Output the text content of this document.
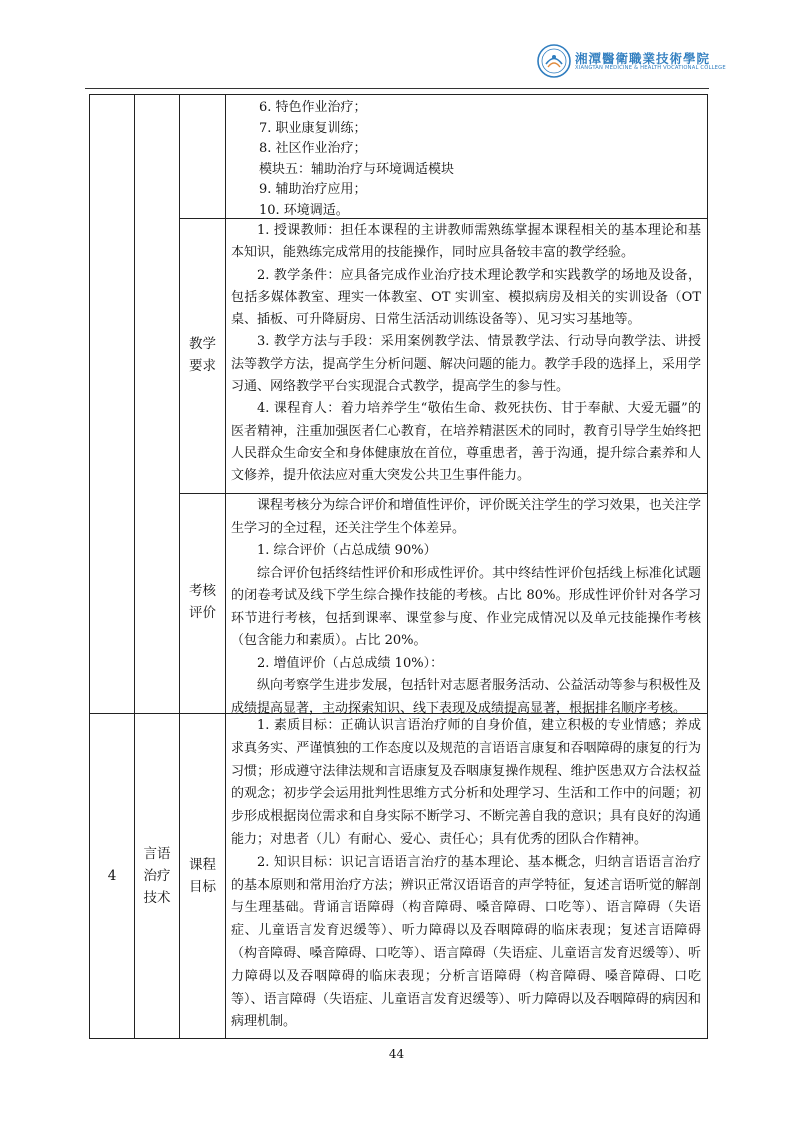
湘潭醫衛職業技術學院
XIANGTAN MEDICINE & HEALTH VOCATIONAL COLLEGE

6. 特色作业治疗；

7. 职业康复训练；

8. 社区作业治疗；

模块五：辅助治疗与环境调适模块

9. 辅助治疗应用；

10. 环境调适。

教学
要求

1. 授课教师：担任本课程的主讲教师需熟练掌握本课程相关的基本理论和基本知识，能熟练完成常用的技能操作，同时应具备较丰富的教学经验。

2. 教学条件：应具备完成作业治疗技术理论教学和实践教学的场地及设备，包括多媒体教室、理实一体教室、OT 实训室、模拟病房及相关的实训设备（OT 桌、插板、可升降厨房、日常生活活动训练设备等）、见习实习基地等。

3. 教学方法与手段：采用案例教学法、情景教学法、行动导向教学法、讲授法等教学方法，提高学生分析问题、解决问题的能力。教学手段的选择上，采用学习通、网络教学平台实现混合式教学，提高学生的参与性。

4. 课程育人：着力培养学生“敬佑生命、救死扶伤、甘于奉献、大爱无疆”的医者精神，注重加强医者仁心教育，在培养精湛医术的同时，教育引导学生始终把人民群众生命安全和身体健康放在首位，尊重患者，善于沟通，提升综合素养和人文修养，提升依法应对重大突发公共卫生事件能力。

考核
评价

课程考核分为综合评价和增值性评价，评价既关注学生的学习效果，也关注学生学习的全过程，还关注学生个体差异。

1. 综合评价（占总成绩 90%）

综合评价包括终结性评价和形成性评价。其中终结性评价包括线上标准化试题的闭卷考试及线下学生综合操作技能的考核。占比 80%。形成性评价针对各学习环节进行考核，包括到课率、课堂参与度、作业完成情况以及单元技能操作考核（包含能力和素质）。占比 20%。

2. 增值评价（占总成绩 10%）：

纵向考察学生进步发展，包括针对志愿者服务活动、公益活动等参与积极性及成绩提高显著，主动探索知识、线下表现及成绩提高显著，根据排名顺序考核。

4
言语
治疗
技术
课程
目标

1. 素质目标：正确认识言语治疗师的自身价值，建立积极的专业情感；养成求真务实、严谨慎独的工作态度以及规范的言语语言康复和吞咽障碍的康复的行为习惯；形成遵守法律法规和言语康复及吞咽康复操作规程、维护医患双方合法权益的观念；初步学会运用批判性思维方式分析和处理学习、生活和工作中的问题；初步形成根据岗位需求和自身实际不断学习、不断完善自我的意识；具有良好的沟通能力；对患者（儿）有耐心、爱心、责任心；具有优秀的团队合作精神。

2. 知识目标：识记言语语言治疗的基本理论、基本概念，归纳言语语言治疗的基本原则和常用治疗方法；辨识正常汉语语音的声学特征，复述言语听觉的解剖与生理基础。背诵言语障碍（构音障碍、嗓音障碍、口吃等）、语言障碍（失语症、儿童语言发育迟缓等）、听力障碍以及吞咽障碍的临床表现；复述言语障碍（构音障碍、嗓音障碍、口吃等）、语言障碍（失语症、儿童语言发育迟缓等）、听力障碍以及吞咽障碍的临床表现；分析言语障碍（构音障碍、嗓音障碍、口吃等）、语言障碍（失语症、儿童语言发育迟缓等）、听力障碍以及吞咽障碍的病因和病理机制。

44
